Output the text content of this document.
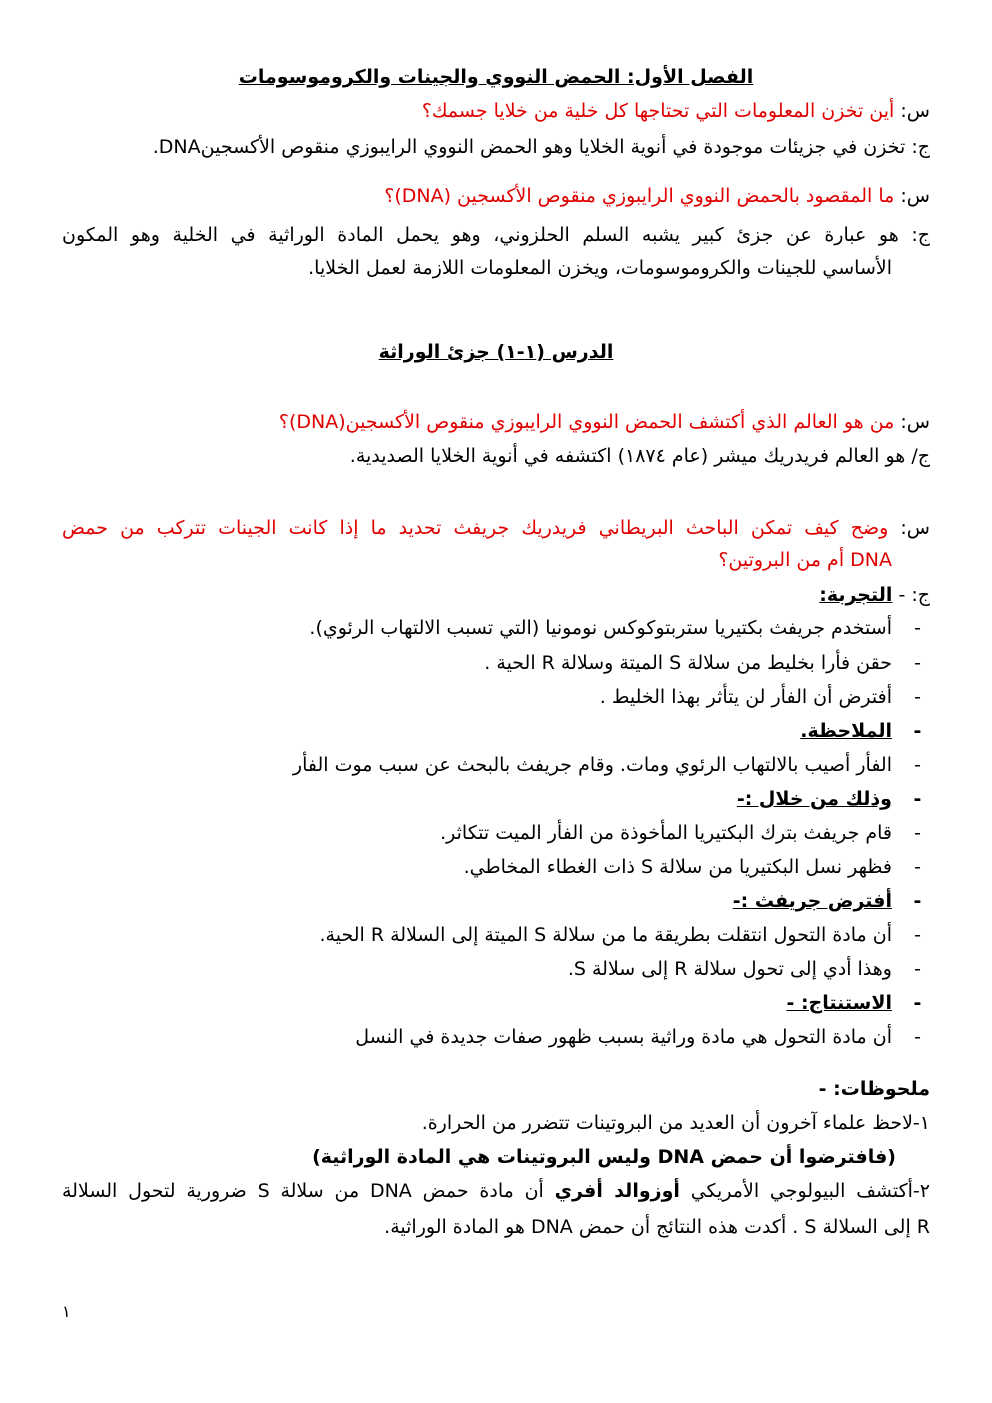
الفصل الأول: الحمض النووي والجينات والكروموسومات
س: أين تخزن المعلومات التي تحتاجها كل خلية من خلايا جسمك؟
ج: تخزن في جزيئات موجودة في أنوية الخلايا وهو الحمض النووي الرايبوزي منقوص الأكسجينDNA.
س: ما المقصود بالحمض النووي الرايبوزي منقوص الأكسجين (DNA)؟
ج: هو عبارة عن جزئ كبير يشبه السلم الحلزوني، وهو يحمل المادة الوراثية في الخلية وهو المكون
الأساسي للجينات والكروموسومات، ويخزن المعلومات اللازمة لعمل الخلايا.
الدرس (١-١) جزئ الوراثة
س: من هو العالم الذي أكتشف الحمض النووي الرايبوزي منقوص الأكسجين(DNA)؟
ج/ هو العالم فريدريك ميشر (عام ١٨٧٤) اكتشفه في أنوية الخلايا الصديدية.
س: وضح كيف تمكن الباحث البريطاني فريدريك جريفث تحديد ما إذا كانت الجينات تتركب من حمض
DNA أم من البروتين؟
ج: - التجربة:
-
أستخدم جريفث بكتيريا ستربتوكوكس نومونيا (التي تسبب الالتهاب الرئوي).
-
حقن فأرا بخليط من سلالة S الميتة وسلالة R الحية .
-
أفترض أن الفأر لن يتأثر بهذا الخليط .
-
الملاحظة.
-
الفأر أصيب بالالتهاب الرئوي ومات. وقام جريفث بالبحث عن سبب موت الفأر
-
وذلك من خلال :-
-
قام جريفث بترك البكتيريا المأخوذة من الفأر الميت تتكاثر.
-
فظهر نسل البكتيريا من سلالة S ذات الغطاء المخاطي.
-
أفترض جريفث :-
-
أن مادة التحول انتقلت بطريقة ما من سلالة S الميتة إلى السلالة R الحية.
-
وهذا أدي إلى تحول سلالة R إلى سلالة S.
-
الاستنتاج: -
-
أن مادة التحول هي مادة وراثية بسبب ظهور صفات جديدة في النسل
ملحوظات: -
١-لاحظ علماء آخرون أن العديد من البروتينات تتضرر من الحرارة.
(فافترضوا أن حمض DNA وليس البروتينات هي المادة الوراثية)
٢-أكتشف البيولوجي الأمريكي أوزوالد أفري أن مادة حمض DNA من سلالة S ضرورية لتحول السلالة
R إلى السلالة S . أكدت هذه النتائج أن حمض DNA هو المادة الوراثية.
١
